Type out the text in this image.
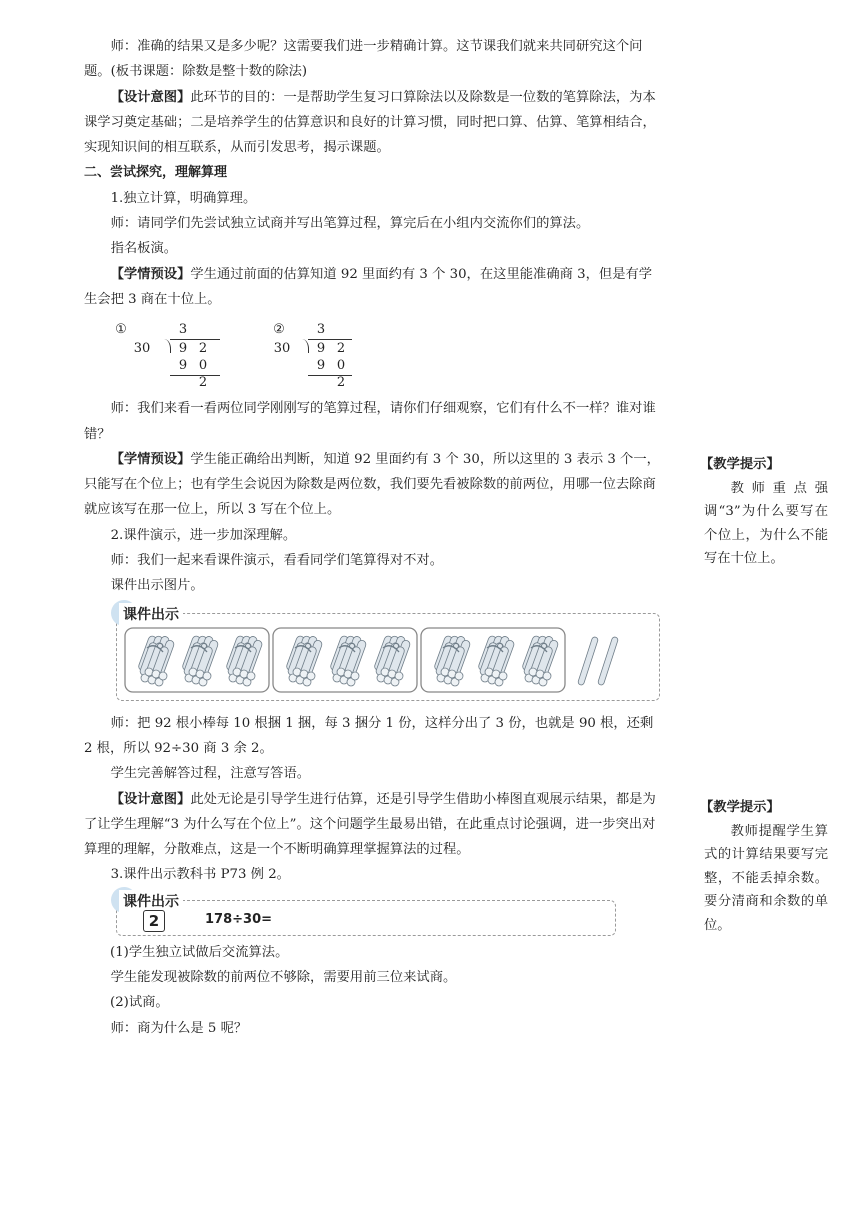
师：准确的结果又是多少呢？这需要我们进一步精确计算。这节课我们就来共同研究这个问题。(板书课题：除数是整十数的除法)

【设计意图】此环节的目的：一是帮助学生复习口算除法以及除数是一位数的笔算除法，为本课学习奠定基础；二是培养学生的估算意识和良好的计算习惯，同时把口算、估算、笔算相结合，实现知识间的相互联系，从而引发思考，揭示课题。

二、尝试探究，理解算理

1.独立计算，明确算理。

师：请同学们先尝试独立试商并写出笔算过程，算完后在小组内交流你们的算法。

指名板演。

【学情预设】学生通过前面的估算知道 92 里面约有 3 个 30，在这里能准确商 3，但是有学生会把 3 商在十位上。

①	3
30 9 2
9 0
2
② 3
30 9 2
9 0
2

师：我们来看一看两位同学刚刚写的笔算过程，请你们仔细观察，它们有什么不一样？谁对谁错？

【学情预设】学生能正确给出判断，知道 92 里面约有 3 个 30，所以这里的 3 表示 3 个一，只能写在个位上；也有学生会说因为除数是两位数，我们要先看被除数的前两位，用哪一位去除商就应该写在那一位上，所以 3 写在个位上。

2.课件演示，进一步加深理解。

师：我们一起来看课件演示，看看同学们笔算得对不对。

课件出示图片。

课件出示

师：把 92 根小棒每 10 根捆 1 捆，每 3 捆分 1 份，这样分出了 3 份，也就是 90 根，还剩 2 根，所以 92÷30 商 3 余 2。

学生完善解答过程，注意写答语。

【设计意图】此处无论是引导学生进行估算，还是引导学生借助小棒图直观展示结果，都是为了让学生理解“3 为什么写在个位上”。这个问题学生最易出错，在此重点讨论强调，进一步突出对算理的理解，分散难点，这是一个不断明确算理掌握算法的过程。

3.课件出示教科书 P73 例 2。

课件出示
2	178÷30=

(1)学生独立试做后交流算法。

学生能发现被除数的前两位不够除，需要用前三位来试商。

(2)试商。

师：商为什么是 5 呢？

【教学提示】

教师重点强调“3”为什么要写在个位上，为什么不能写在十位上。

【教学提示】

教师提醒学生算式的计算结果要写完整，不能丢掉余数。要分清商和余数的单位。
